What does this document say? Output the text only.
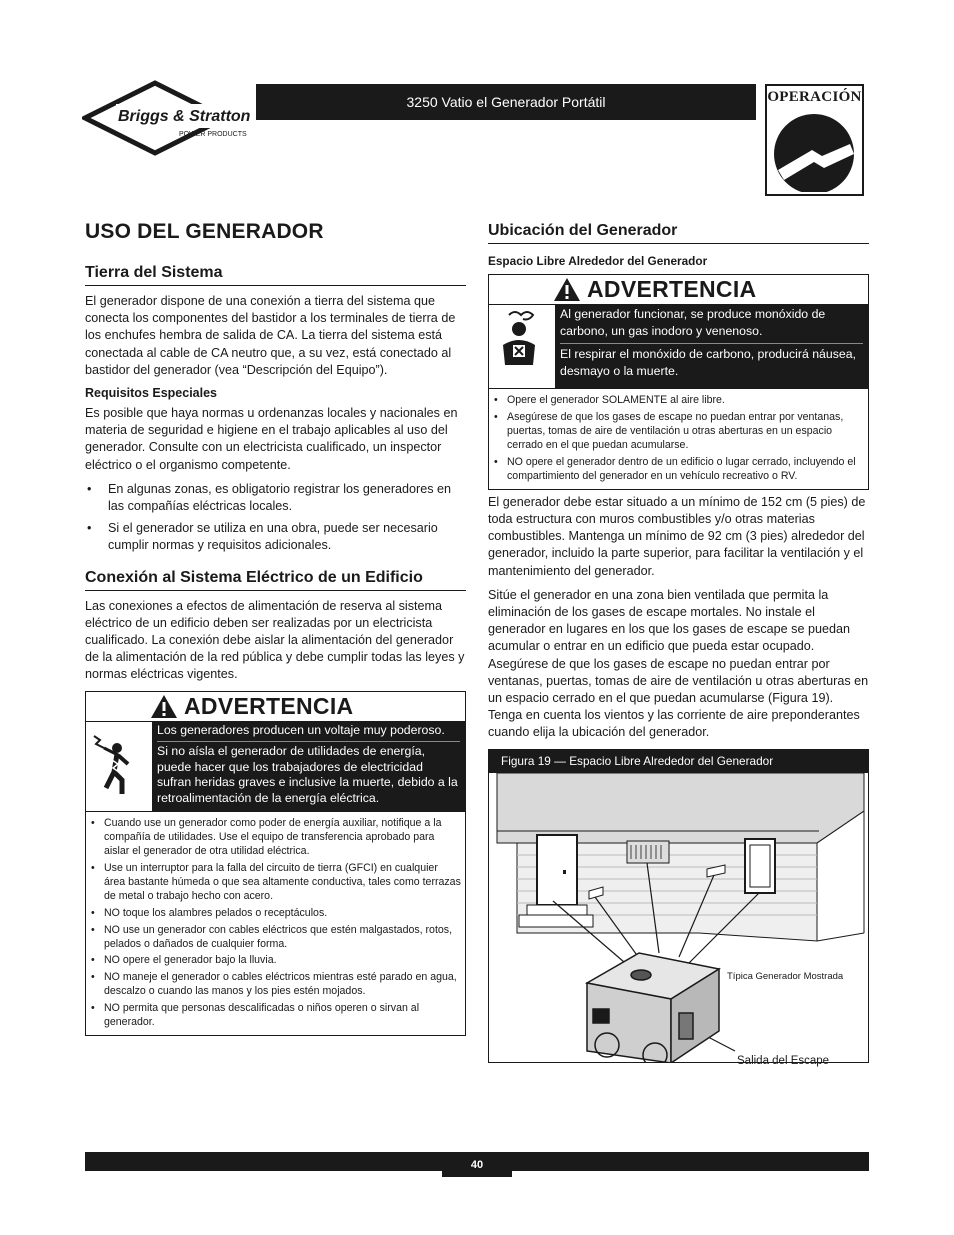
Briggs & Stratton
POWER PRODUCTS
3250 Vatio el Generador Portátil	OPERACIÓN
USO DEL GENERADOR
Tierra del Sistema

El generador dispone de una conexión a tierra del sistema que conecta los componentes del bastidor a los terminales de tierra de los enchufes hembra de salida de CA. La tierra del sistema está conectada al cable de CA neutro que, a su vez, está conectado al bastidor del generador (vea “Descripción del Equipo”).

Requisitos Especiales

Es posible que haya normas u ordenanzas locales y nacionales en materia de seguridad e higiene en el trabajo aplicables al uso del generador. Consulte con un electricista cualificado, un inspector eléctrico o el organismo competente.

• En algunas zonas, es obligatorio registrar los generadores en las compañías eléctricas locales.
• Si el generador se utiliza en una obra, puede ser necesario cumplir normas y requisitos adicionales.
Conexión al Sistema Eléctrico de un Edificio

Las conexiones a efectos de alimentación de reserva al sistema eléctrico de un edificio deben ser realizadas por un electricista cualificado. La conexión debe aislar la alimentación del generador de la alimentación de la red pública y debe cumplir todas las leyes y normas eléctricas vigentes.

ADVERTENCIA
Los generadores producen un voltaje muy poderoso.
Si no aísla el generador de utilidades de energía, puede hacer que los trabajadores de electricidad sufran heridas graves e inclusive la muerte, debido a la retroalimentación de la energía eléctrica.
• Cuando use un generador como poder de energía auxiliar, notifique a la compañía de utilidades. Use el equipo de transferencia aprobado para aislar el generador de otra utilidad eléctrica.
• Use un interruptor para la falla del circuito de tierra (GFCI) en cualquier área bastante húmeda o que sea altamente conductiva, tales como terrazas de metal o trabajo hecho con acero.
• NO toque los alambres pelados o receptáculos.
• NO use un generador con cables eléctricos que estén malgastados, rotos, pelados o dañados de cualquier forma.
• NO opere el generador bajo la lluvia.
• NO maneje el generador o cables eléctricos mientras esté parado en agua, descalzo o cuando las manos y los pies estén mojados.
• NO permita que personas descalificadas o niños operen o sirvan al generador.
Ubicación del Generador
Espacio Libre Alrededor del Generador
ADVERTENCIA
Al generador funcionar, se produce monóxido de carbono, un gas inodoro y venenoso.
El respirar el monóxido de carbono, producirá náusea, desmayo o la muerte.
• Opere el generador SOLAMENTE al aire libre.
• Asegúrese de que los gases de escape no puedan entrar por ventanas, puertas, tomas de aire de ventilación u otras aberturas en un espacio cerrado en el que puedan acumularse.
• NO opere el generador dentro de un edificio o lugar cerrado, incluyendo el compartimiento del generador en un vehículo recreativo o RV.

El generador debe estar situado a un mínimo de 152 cm (5 pies) de toda estructura con muros combustibles y/o otras materias combustibles. Mantenga un mínimo de 92 cm (3 pies) alrededor del generador, incluido la parte superior, para facilitar la ventilación y el mantenimiento del generador.

Sitúe el generador en una zona bien ventilada que permita la eliminación de los gases de escape mortales. No instale el generador en lugares en los que los gases de escape se puedan acumular o entrar en un edificio que pueda estar ocupado. Asegúrese de que los gases de escape no puedan entrar por ventanas, puertas, tomas de aire de ventilación u otras aberturas en un espacio cerrado en el que puedan acumularse (Figura 19). Tenga en cuenta los vientos y las corriente de aire preponderantes cuando elija la ubicación del generador.

Figura 19 — Espacio Libre Alrededor del Generador
Típica Generador Mostrada
Salida del Escape
40
